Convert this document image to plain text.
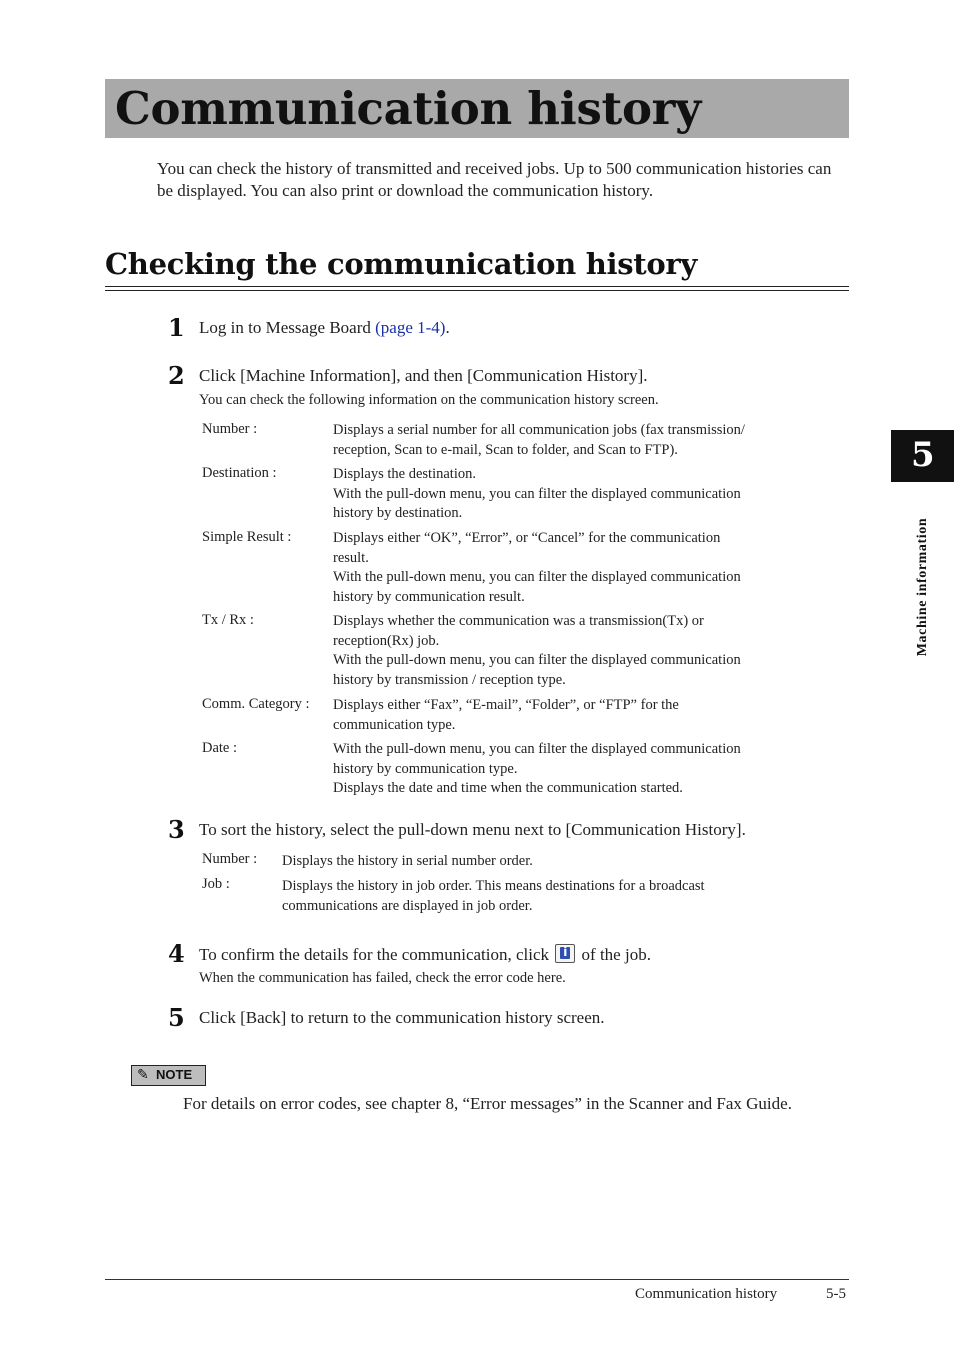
Communication history

You can check the history of transmitted and received jobs. Up to 500 communication histories can be displayed. You can also print or download the communication history.

Checking the communication history
1 Log in to Message Board (page 1-4).
2 Click [Machine Information], and then [Communication History].
You can check the following information on the communication history screen.
Number :	Displays a serial number for all communication jobs (fax transmission/
reception, Scan to e-mail, Scan to folder, and Scan to FTP).
Destination :	Displays the destination.
With the pull-down menu, you can filter the displayed communication
history by destination.
Simple Result :	Displays either “OK”, “Error”, or “Cancel” for the communication
result.
With the pull-down menu, you can filter the displayed communication
history by communication result.
Tx / Rx :	Displays whether the communication was a transmission(Tx) or
reception(Rx) job.
With the pull-down menu, you can filter the displayed communication
history by transmission / reception type.
Comm. Category : Displays either “Fax”, “E-mail”, “Folder”, or “FTP” for the
communication type.
Date :	With the pull-down menu, you can filter the displayed communication
history by communication type.
Displays the date and time when the communication started.
3 To sort the history, select the pull-down menu next to [Communication History].
Number : Displays the history in serial number order.
Job :	Displays the history in job order. This means destinations for a broadcast
communications are displayed in job order.
4 To confirm the details for the communication, click i of the job.
When the communication has failed, check the error code here.
5 Click [Back] to return to the communication history screen.
✎ NOTE

For details on error codes, see chapter 8, “Error messages” in the Scanner and Fax Guide.

5
Machine information
Communication history	5-5
